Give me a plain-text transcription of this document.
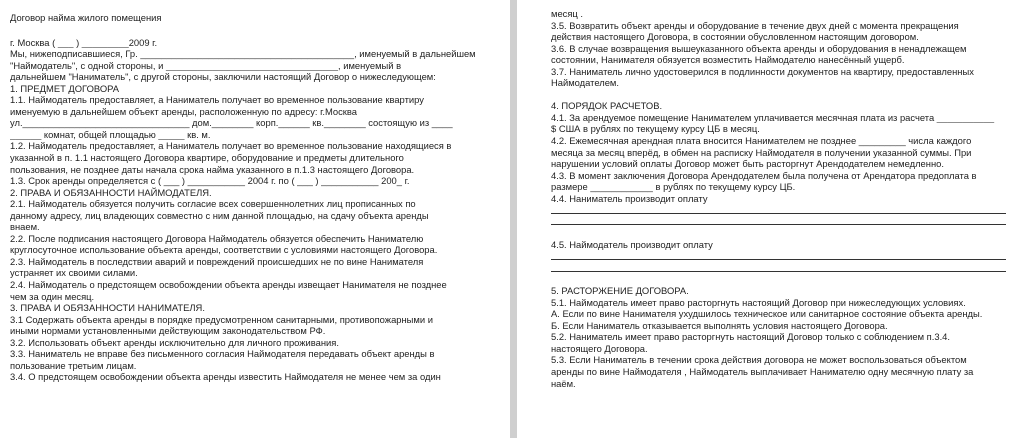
Договор найма жилого помещения
г. Москва ( ___ ) _________2009 г.
Мы, нижеподписавшиеся, Гр. _________________________________________, именуемый в дальнейшем
"Наймодатель", с одной стороны, и _________________________________, именуемый в
дальнейшем "Наниматель", с другой стороны, заключили настоящий Договор о нижеследующем:
1. ПРЕДМЕТ ДОГОВОРА
1.1. Наймодатель предоставляет, а Наниматель получает во временное пользование квартиру
именуемую в дальнейшем объект аренды, расположенную по адресу: г.Москва
ул.________________________________ дом.________ корп.______ кв.________ состоящую из ____
______ комнат, общей площадью _____ кв. м.
1.2. Наймодатель предоставляет, а Наниматель получает во временное пользование находящиеся в
указанной в п. 1.1 настоящего Договора квартире, оборудование и предметы длительного
пользования, не позднее даты начала срока найма указанного в п.1.3 настоящего Договора.
1.3. Срок аренды определяется с ( ___ ) ___________ 2004 г. по ( ___ ) ___________ 200_ г.
2. ПРАВА И ОБЯЗАННОСТИ НАЙМОДАТЕЛЯ.
2.1. Наймодатель обязуется получить согласие всех совершеннолетних лиц прописанных по
данному адресу, лиц владеющих совместно с ним данной площадью, на сдачу объекта аренды
внаем.
2.2. После подписания настоящего Договора Наймодатель обязуется обеспечить Нанимателю
круглосуточное использование объекта аренды, соответствии с условиями настоящего Договора.
2.3. Наймодатель в последствии аварий и повреждений происшедших не по вине Нанимателя
устраняет их своими силами.
2.4. Наймодатель о предстоящем освобождении объекта аренды извещает Нанимателя не позднее
чем за один месяц.
3. ПРАВА И ОБЯЗАННОСТИ НАНИМАТЕЛЯ.
3.1 Содержать объекта аренды в порядке предусмотренном санитарными, противопожарными и
иными нормами установленными действующим законодательством РФ.
3.2. Использовать объект аренды исключительно для личного проживания.
3.3. Наниматель не вправе без письменного согласия Наймодателя передавать объект аренды в
пользование третьим лицам.
3.4. О предстоящем освобождении объекта аренды известить Наймодателя не менее чем за один
месяц .
3.5. Возвратить объект аренды и оборудование в течение двух дней с момента прекращения
действия настоящего Договора, в состоянии обусловленном настоящим договором.
3.6. В случае возвращения вышеуказанного объекта аренды и оборудования в ненадлежащем
состоянии, Нанимателя обязуется возместить Наймодателю нанесённый ущерб.
3.7. Наниматель лично удостоверился в подлинности документов на квартиру, предоставленных
Наймодателем.
4. ПОРЯДОК РАСЧЕТОВ.
4.1. За арендуемое помещение Нанимателем уплачивается месячная плата из расчета ___________
$ США в рублях по текущему курсу ЦБ в месяц.
4.2. Ежемесячная арендная плата вносится Нанимателем не позднее _________ числа каждого
месяца за месяц вперёд, в обмен на расписку Наймодателя в получении указанной суммы. При
нарушении условий оплаты Договор может быть расторгнут Арендодателем немедленно.
4.3. В момент заключения Договора Арендодателем была получена от Арендатора предоплата в
размере ____________ в рублях по текущему курсу ЦБ.
4.4. Наниматель производит оплату
4.5. Наймодатель производит оплату
5. РАСТОРЖЕНИЕ ДОГОВОРА.
5.1. Наймодатель имеет право расторгнуть настоящий Договор при нижеследующих условиях.
А. Если по вине Нанимателя ухудшилось техническое или санитарное состояние объекта аренды.
Б. Если Наниматель отказывается выполнять условия настоящего Договора.
5.2. Наниматель имеет право расторгнуть настоящий Договор только с соблюдением п.3.4.
настоящего Договора.
5.3. Если Наниматель в течении срока действия договора не может воспользоваться объектом
аренды по вине Наймодателя , Наймодатель выплачивает Нанимателю одну месячную плату за
наём.
